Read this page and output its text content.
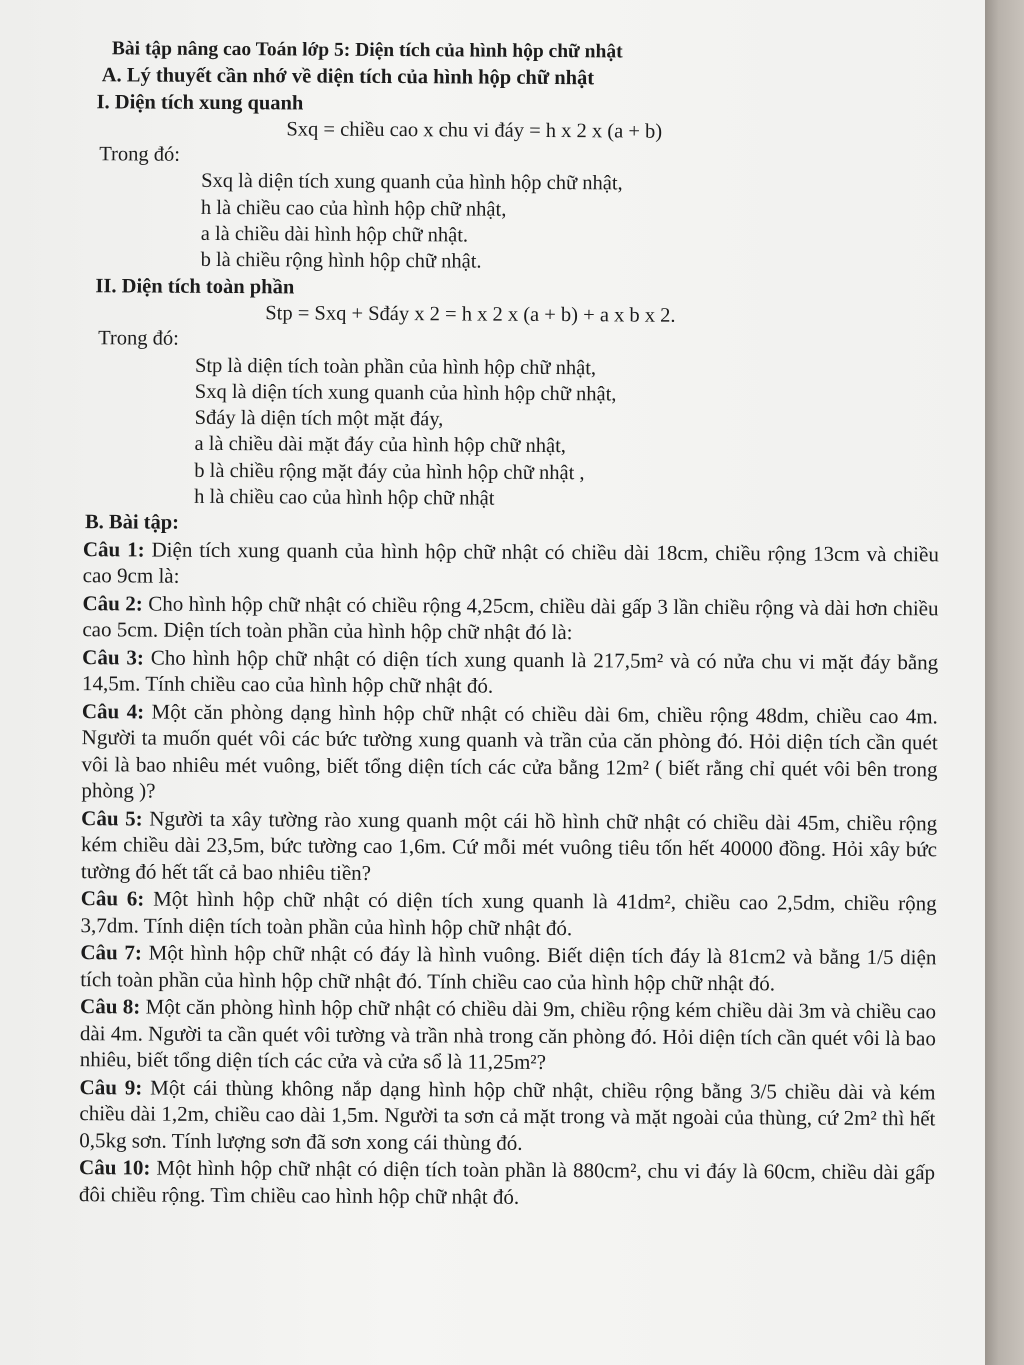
Bài tập nâng cao Toán lớp 5: Diện tích của hình hộp chữ nhật
A. Lý thuyết cần nhớ về diện tích của hình hộp chữ nhật
I. Diện tích xung quanh
Sxq = chiều cao x chu vi đáy = h x 2 x (a + b)
Trong đó:
Sxq là diện tích xung quanh của hình hộp chữ nhật,
h là chiều cao của hình hộp chữ nhật,
a là chiều dài hình hộp chữ nhật.
b là chiều rộng hình hộp chữ nhật.
II. Diện tích toàn phần
Stp = Sxq + Sđáy x 2 = h x 2 x (a + b) + a x b x 2.
Trong đó:
Stp là diện tích toàn phần của hình hộp chữ nhật,
Sxq là diện tích xung quanh của hình hộp chữ nhật,
Sđáy là diện tích một mặt đáy,
a là chiều dài mặt đáy của hình hộp chữ nhật,
b là chiều rộng mặt đáy của hình hộp chữ nhật ,
h là chiều cao của hình hộp chữ nhật
B. Bài tập:
Câu 1: Diện tích xung quanh của hình hộp chữ nhật có chiều dài 18cm, chiều rộng 13cm và chiều cao 9cm là:
Câu 2: Cho hình hộp chữ nhật có chiều rộng 4,25cm, chiều dài gấp 3 lần chiều rộng và dài hơn chiều cao 5cm. Diện tích toàn phần của hình hộp chữ nhật đó là:
Câu 3: Cho hình hộp chữ nhật có diện tích xung quanh là 217,5m² và có nửa chu vi mặt đáy bằng 14,5m. Tính chiều cao của hình hộp chữ nhật đó.
Câu 4: Một căn phòng dạng hình hộp chữ nhật có chiều dài 6m, chiều rộng 48dm, chiều cao 4m. Người ta muốn quét vôi các bức tường xung quanh và trần của căn phòng đó. Hỏi diện tích cần quét vôi là bao nhiêu mét vuông, biết tổng diện tích các cửa bằng 12m² ( biết rằng chỉ quét vôi bên trong phòng )?
Câu 5: Người ta xây tường rào xung quanh một cái hồ hình chữ nhật có chiều dài 45m, chiều rộng kém chiều dài 23,5m, bức tường cao 1,6m. Cứ mỗi mét vuông tiêu tốn hết 40000 đồng. Hỏi xây bức tường đó hết tất cả bao nhiêu tiền?
Câu 6: Một hình hộp chữ nhật có diện tích xung quanh là 41dm², chiều cao 2,5dm, chiều rộng 3,7dm. Tính diện tích toàn phần của hình hộp chữ nhật đó.
Câu 7: Một hình hộp chữ nhật có đáy là hình vuông. Biết diện tích đáy là 81cm2 và bằng 1/5 diện tích toàn phần của hình hộp chữ nhật đó. Tính chiều cao của hình hộp chữ nhật đó.
Câu 8: Một căn phòng hình hộp chữ nhật có chiều dài 9m, chiều rộng kém chiều dài 3m và chiều cao dài 4m. Người ta cần quét vôi tường và trần nhà trong căn phòng đó. Hỏi diện tích cần quét vôi là bao nhiêu, biết tổng diện tích các cửa và cửa sổ là 11,25m²?
Câu 9: Một cái thùng không nắp dạng hình hộp chữ nhật, chiều rộng bằng 3/5 chiều dài và kém chiều dài 1,2m, chiều cao dài 1,5m. Người ta sơn cả mặt trong và mặt ngoài của thùng, cứ 2m² thì hết 0,5kg sơn. Tính lượng sơn đã sơn xong cái thùng đó.
Câu 10: Một hình hộp chữ nhật có diện tích toàn phần là 880cm², chu vi đáy là 60cm, chiều dài gấp đôi chiều rộng. Tìm chiều cao hình hộp chữ nhật đó.
